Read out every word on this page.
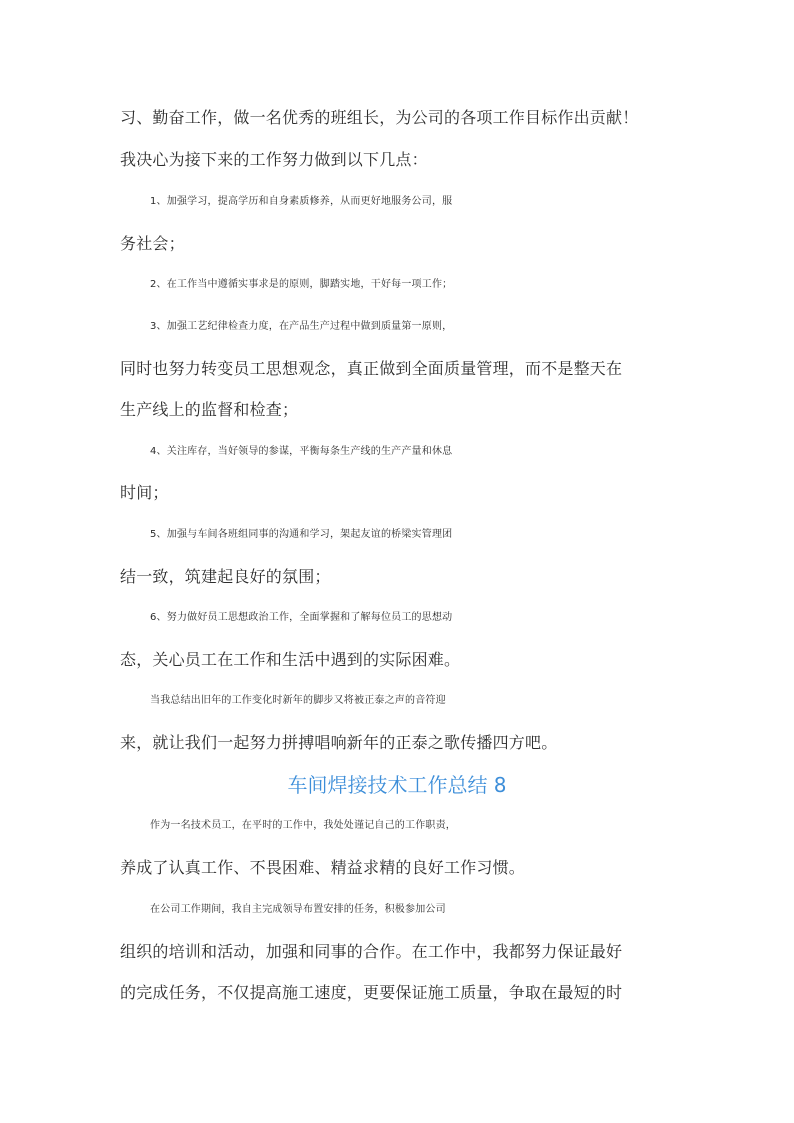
习、勤奋工作，做一名优秀的班组长，为公司的各项工作目标作出贡献！
我决心为接下来的工作努力做到以下几点：
1、加强学习，提高学历和自身素质修养，从而更好地服务公司，服
务社会；
2、在工作当中遵循实事求是的原则，脚踏实地，干好每一项工作；
3、加强工艺纪律检查力度，在产品生产过程中做到质量第一原则，
同时也努力转变员工思想观念，真正做到全面质量管理，而不是整天在
生产线上的监督和检查；
4、关注库存，当好领导的参谋，平衡每条生产线的生产产量和休息
时间；
5、加强与车间各班组同事的沟通和学习，架起友谊的桥梁实管理团
结一致，筑建起良好的氛围；
6、努力做好员工思想政治工作，全面掌握和了解每位员工的思想动
态，关心员工在工作和生活中遇到的实际困难。
当我总结出旧年的工作变化时新年的脚步又将被正泰之声的音符迎
来，就让我们一起努力拼搏唱响新年的正泰之歌传播四方吧。
车间焊接技术工作总结 8
作为一名技术员工，在平时的工作中，我处处谨记自己的工作职责，
养成了认真工作、不畏困难、精益求精的良好工作习惯。
在公司工作期间，我自主完成领导布置安排的任务，积极参加公司
组织的培训和活动，加强和同事的合作。在工作中，我都努力保证最好
的完成任务，不仅提高施工速度，更要保证施工质量，争取在最短的时
